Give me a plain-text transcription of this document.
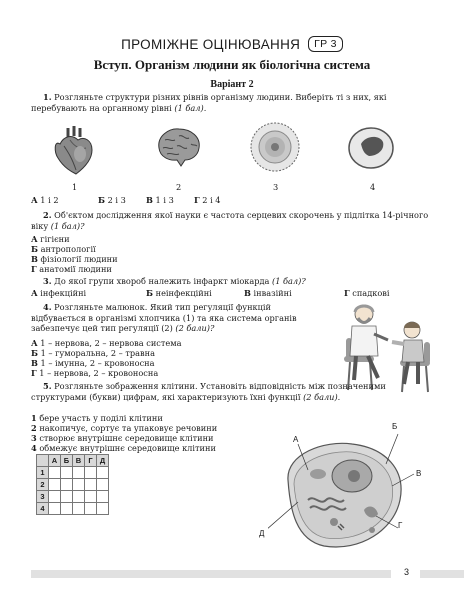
ПРОМІЖНЕ ОЦІНЮВАННЯ ГР 3
Вступ. Організм людини як біологічна система
Варіант 2
1. Розгляньте структури різних рівнів організму людини. Виберіть ті з них, які перебувають на органному рівні (1 бал).
1	2	3	4
А 1 і 2	Б 2 і 3 В 1 і 3 Г 2 і 4
2. Об'єктом дослідження якої науки є частота серцевих скорочень у підлітка 14-річного віку (1 бал)?
А гігієни
Б антропології
В фізіології людини
Г анатомії людини
3. До якої групи хвороб належить інфаркт міокарда (1 бал)?
А інфекційні	Б неінфекційні	В інвазійні	Г спадкові
4. Розгляньте малюнок. Який тип регуляції функцій відбувається в організмі хлопчика (1) та яка система органів забезпечує цей тип регуляції (2) (2 бали)?
А 1 – нервова, 2 – нервова система
Б 1 – гуморальна, 2 – травна
В 1 – імунна, 2 – кровоносна
Г 1 – нервова, 2 – кровоносна
5. Розгляньте зображення клітини. Установіть відповідність між позначеними структурами (букви) цифрам, які характеризують їхні функції (2 бали).
1 бере участь у поділі клітини
2 накопичує, сортує та упаковує речовини
3 створює внутрішнє середовище клітини
4 обмежує внутрішнє середовище клітини
	А	Б	В	Г	Д
1					
2					
3					
4					
А
Б
В
Г
Д
3
